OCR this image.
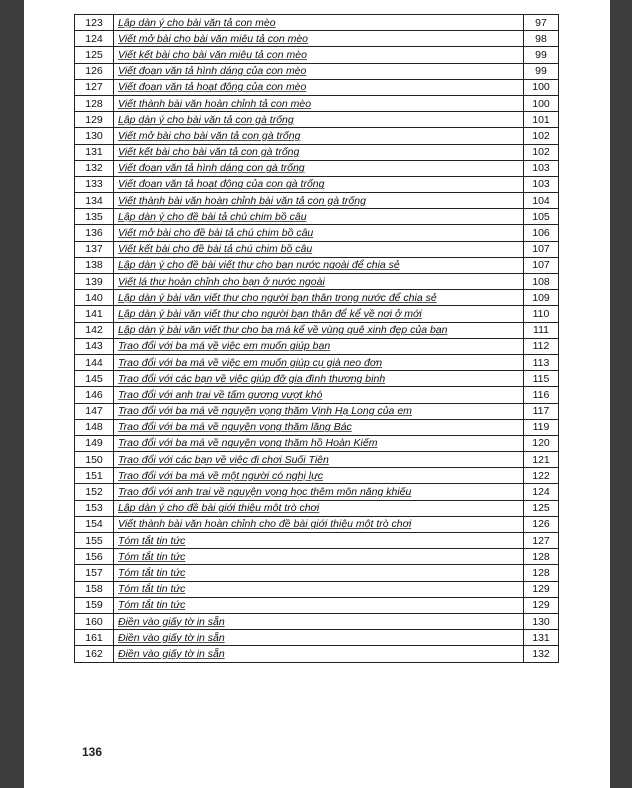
123	Lập dàn ý cho bài văn tả con mèo	97
124	Viết mở bài cho bài văn miêu tả con mèo	98
125	Viết kết bài cho bài văn miêu tả con mèo	99
126	Viết đoạn văn tả hình dáng của con mèo	99
127	Viết đoạn văn tả hoạt động của con mèo	100
128	Viết thành bài văn hoàn chỉnh tả con mèo	100
129	Lập dàn ý cho bài văn tả con gà trống	101
130	Viết mở bài cho bài văn tả con gà trống	102
131	Viết kết bài cho bài văn tả con gà trống	102
132	Viết đoạn văn tả hình dáng con gà trống	103
133	Viết đoạn văn tả hoạt động của con gà trống	103
134	Viết thành bài văn hoàn chỉnh bài văn tả con gà trống	104
135	Lập dàn ý cho đề bài tả chú chim bồ câu	105
136	Viết mở bài cho đề bài tả chú chim bồ câu	106
137	Viết kết bài cho đề bài tả chú chim bồ câu	107
138	Lập dàn ý cho đề bài viết thư cho bạn nước ngoài để chia sẻ	107
139	Viết lá thư hoàn chỉnh cho bạn ở nước ngoài	108
140	Lập dàn ý bài văn viết thư cho người bạn thân trong nước để chia sẻ	109
141	Lập dàn ý bài văn viết thư cho người bạn thân để kể về nơi ở mới	110
142	Lập dàn ý bài văn viết thư cho ba má kể về vùng quê xinh đẹp của bạn	111
143	Trao đổi với ba má về việc em muốn giúp bạn	112
144	Trao đổi với ba má về việc em muốn giúp cụ già neo đơn	113
145	Trao đổi với các bạn về việc giúp đỡ gia đình thương binh	115
146	Trao đổi với anh trai về tấm gương vượt khó	116
147	Trao đổi với ba má về nguyện vọng thăm Vịnh Hạ Long của em	117
148	Trao đổi với ba má về nguyện vọng thăm lăng Bác	119
149	Trao đổi với ba má về nguyện vọng thăm hồ Hoàn Kiếm	120
150	Trao đổi với các bạn về việc đi chơi Suối Tiên	121
151	Trao đổi với ba má về một người có nghị lực	122
152	Trao đổi với anh trai về nguyện vọng học thêm môn năng khiếu	124
153	Lập dàn ý cho đề bài giới thiệu một trò chơi	125
154	Viết thành bài văn hoàn chỉnh cho đề bài giới thiệu một trò chơi	126
155	Tóm tắt tin tức	127
156	Tóm tắt tin tức	128
157	Tóm tắt tin tức	128
158	Tóm tắt tin tức	129
159	Tóm tắt tin tức	129
160	Điền vào giấy tờ in sẵn	130
161	Điền vào giấy tờ in sẵn	131
162	Điền vào giấy tờ in sẵn	132
136
